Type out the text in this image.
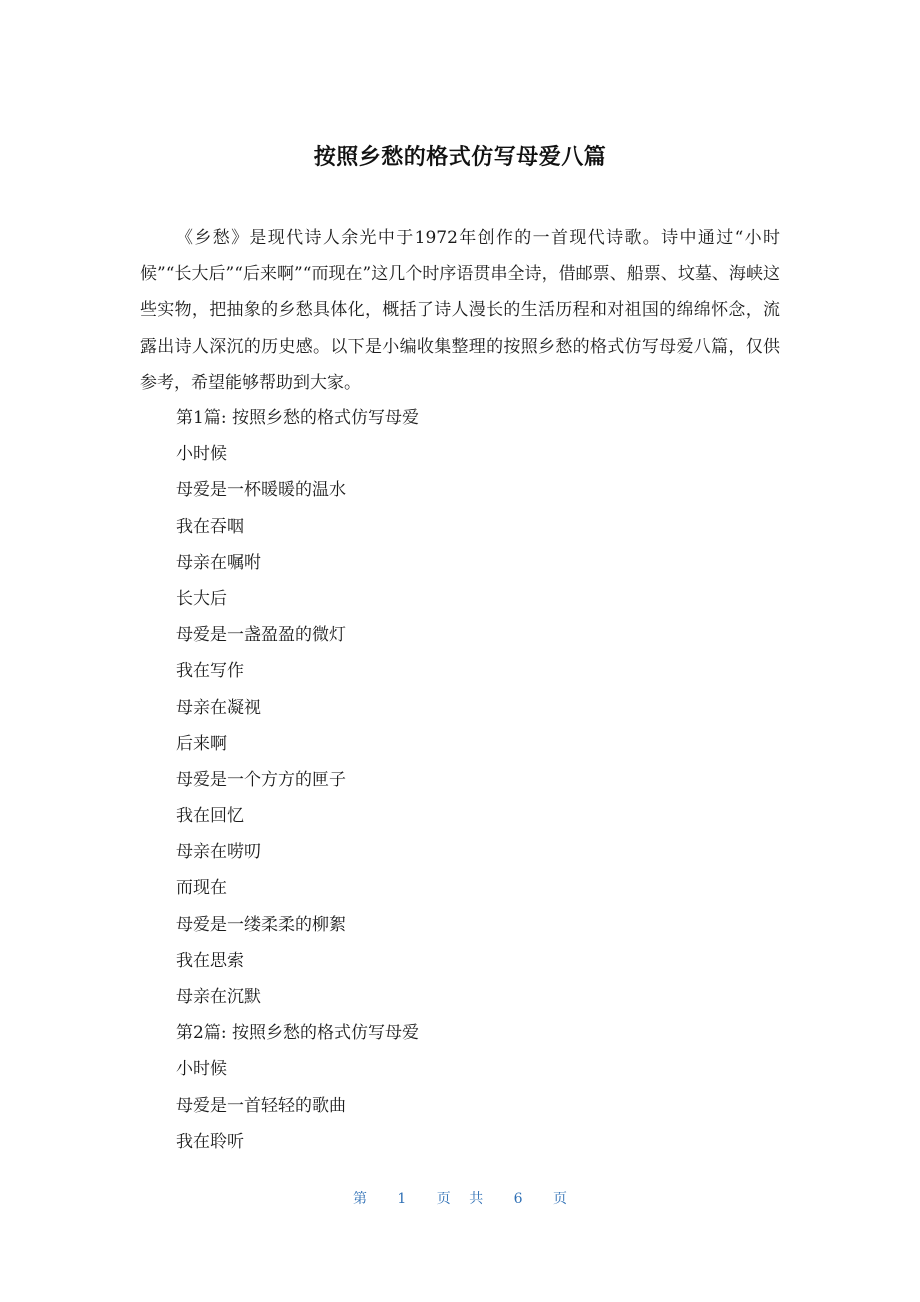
按照乡愁的格式仿写母爱八篇

《乡愁》是现代诗人余光中于1972年创作的一首现代诗歌。诗中通过“小时候”“长大后”“后来啊”“而现在”这几个时序语贯串全诗，借邮票、船票、坟墓、海峡这些实物，把抽象的乡愁具体化，概括了诗人漫长的生活历程和对祖国的绵绵怀念，流露出诗人深沉的历史感。以下是小编收集整理的按照乡愁的格式仿写母爱八篇，仅供参考，希望能够帮助到大家。

第1篇: 按照乡愁的格式仿写母爱
小时候
母爱是一杯暖暖的温水
我在吞咽
母亲在嘱咐
长大后
母爱是一盏盈盈的微灯
我在写作
母亲在凝视
后来啊
母爱是一个方方的匣子
我在回忆
母亲在唠叨
而现在
母爱是一缕柔柔的柳絮
我在思索
母亲在沉默
第2篇: 按照乡愁的格式仿写母爱
小时候
母爱是一首轻轻的歌曲
我在聆听
第 1 页 共 6 页
